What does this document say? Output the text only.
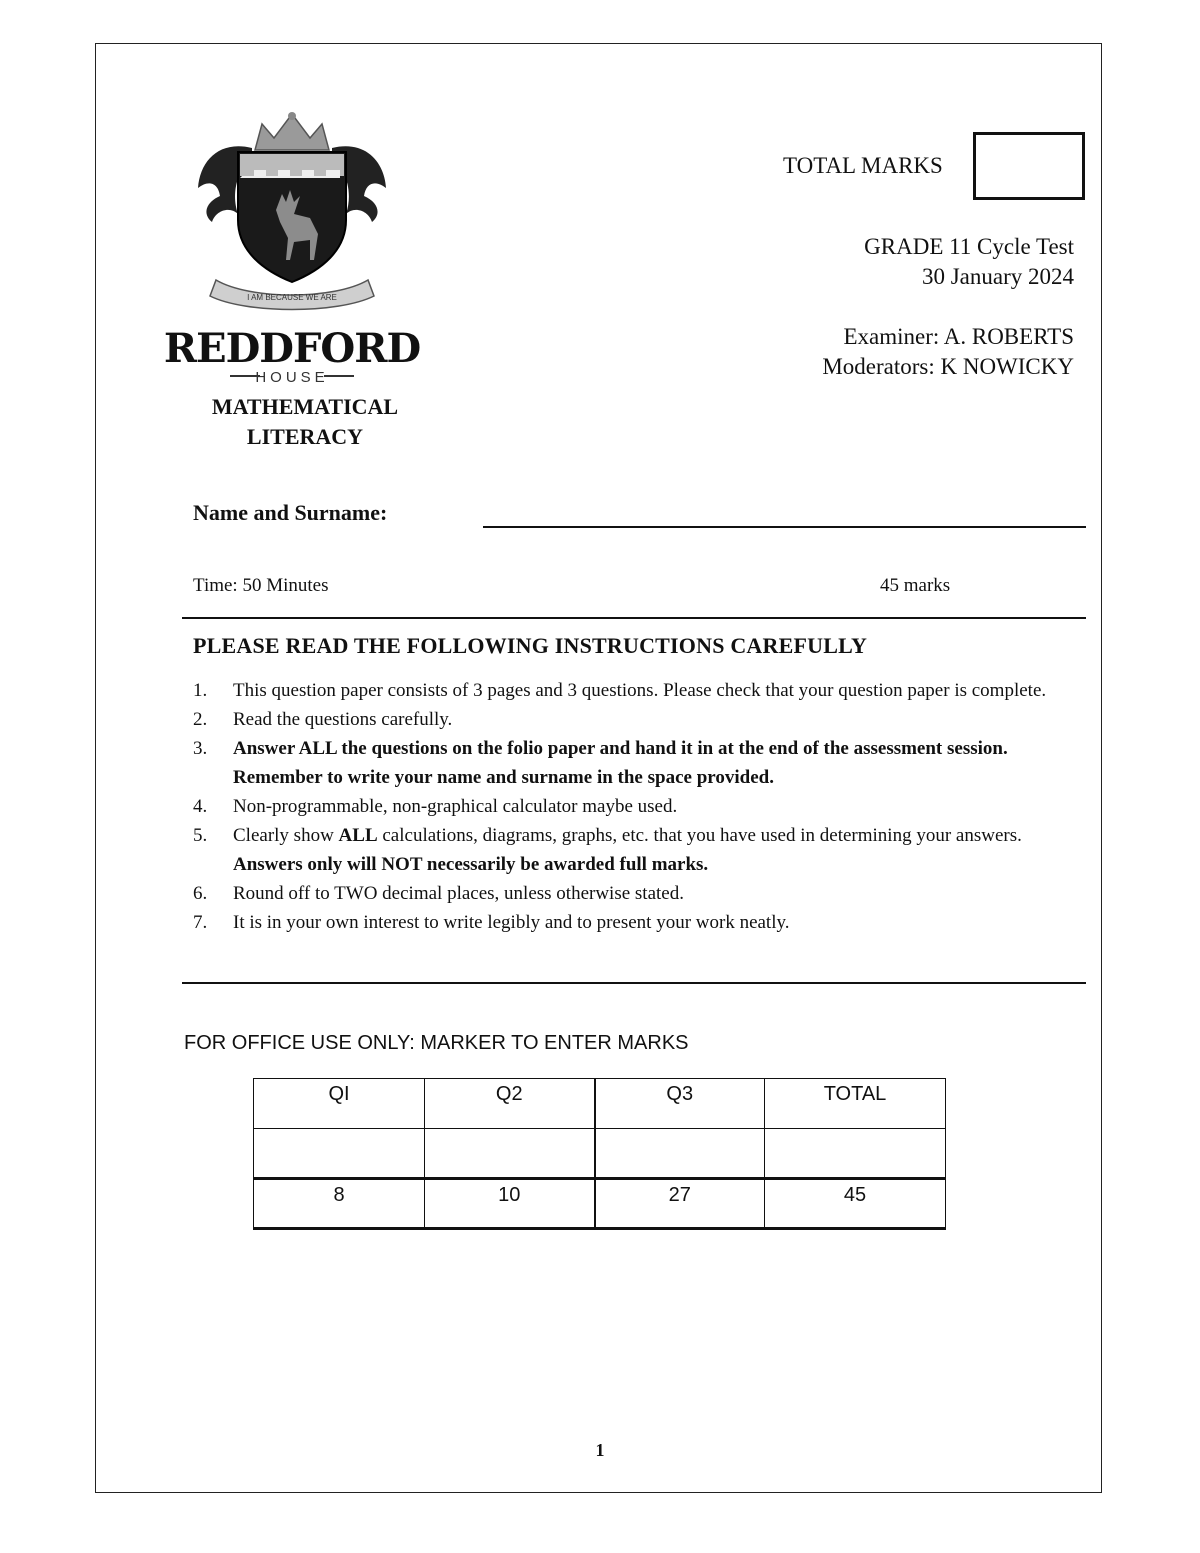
I AM BECAUSE WE ARE
REDDFORD
HOUSE
MATHEMATICAL
LITERACY
TOTAL MARKS
GRADE 11 Cycle Test
30 January 2024
Examiner: A. ROBERTS
Moderators: K NOWICKY
Name and Surname:
Time: 50 Minutes	45 marks
PLEASE READ THE FOLLOWING INSTRUCTIONS CAREFULLY
1.	This question paper consists of 3 pages and 3 questions. Please check that your question paper is complete.
2.	Read the questions carefully.
3.	Answer ALL the questions on the folio paper and hand it in at the end of the assessment session. Remember to write your name and surname in the space provided.
4.	Non-programmable, non-graphical calculator maybe used.
5.	Clearly show ALL calculations, diagrams, graphs, etc. that you have used in determining your answers. Answers only will NOT necessarily be awarded full marks.
6.	Round off to TWO decimal places, unless otherwise stated.
7.	It is in your own interest to write legibly and to present your work neatly.
FOR OFFICE USE ONLY: MARKER TO ENTER MARKS
QI	Q2	Q3	TOTAL

8	10	27	45
1
